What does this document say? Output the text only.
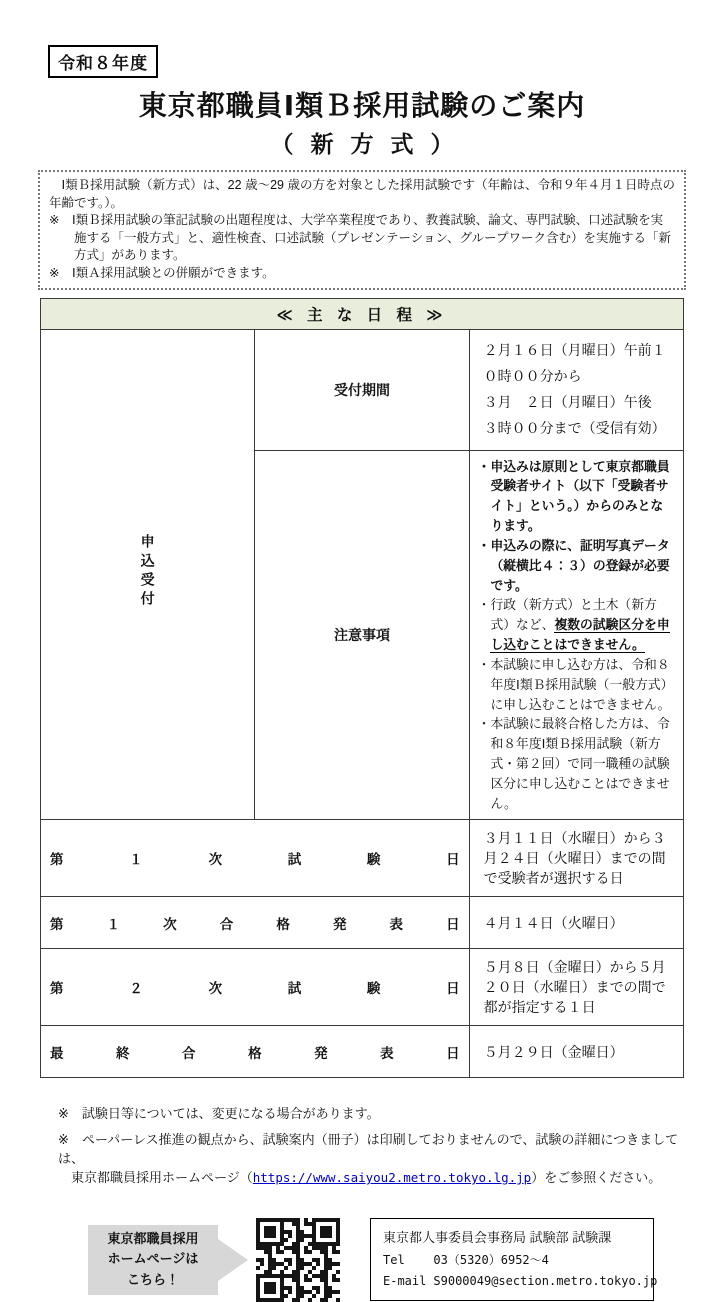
令和８年度
東京都職員Ⅰ類Ｂ採用試験のご案内
（新方式）

Ⅰ類Ｂ採用試験（新方式）は、22 歳～29 歳の方を対象とした採用試験です（年齢は、令和９年４月１日時点の年齢です。）。

※　Ⅰ類Ｂ採用試験の筆記試験の出題程度は、大学卒業程度であり、教養試験、論文、専門試験、口述試験を実施する「一般方式」と、適性検査、口述試験（プレゼンテーション、グループワーク含む）を実施する「新方式」があります。

※　Ⅰ類Ａ採用試験との併願ができます。

≪ 主 な 日 程 ≫		
申込受付	受付期間	２月１６日（月曜日）午前１０時００分から
３月　２日（月曜日）午後　３時００分まで（受信有効）

	注意事項	・申込みは原則として東京都職員受験者サイト（以下「受験者サイト」という。）からのみとなります。
・申込みの際に、証明写真データ（縦横比４：３）の登録が必要です。
・行政（新方式）と土木（新方式）など、複数の試験区分を申し込むことはできません。
・本試験に申し込む方は、令和８年度Ⅰ類Ｂ採用試験（一般方式）に申し込むことはできません。
・本試験に最終合格した方は、令和８年度Ⅰ類Ｂ採用試験（新方式・第２回）で同一職種の試験区分に申し込むことはできません。

第１次試験日		３月１１日（水曜日）から３月２４日（火曜日）までの間で受験者が選択する日

第１次合格発表日		４月１４日（火曜日）

第２次試験日		５月８日（金曜日）から５月２０日（水曜日）までの間で都が指定する１日

最終合格発表日		５月２９日（金曜日）
※　試験日等については、変更になる場合があります。
※　ペーパーレス推進の観点から、試験案内（冊子）は印刷しておりませんので、試験の詳細につきましては、
東京都職員採用ホームページ（https://www.saiyou2.metro.tokyo.lg.jp）をご参照ください。
東京都職員採用
ホームページは
こちら！
東京都人事委員会事務局 試験部 試験課
Tel 03（5320）6952～4
E-mail S9000049@section.metro.tokyo.jp
